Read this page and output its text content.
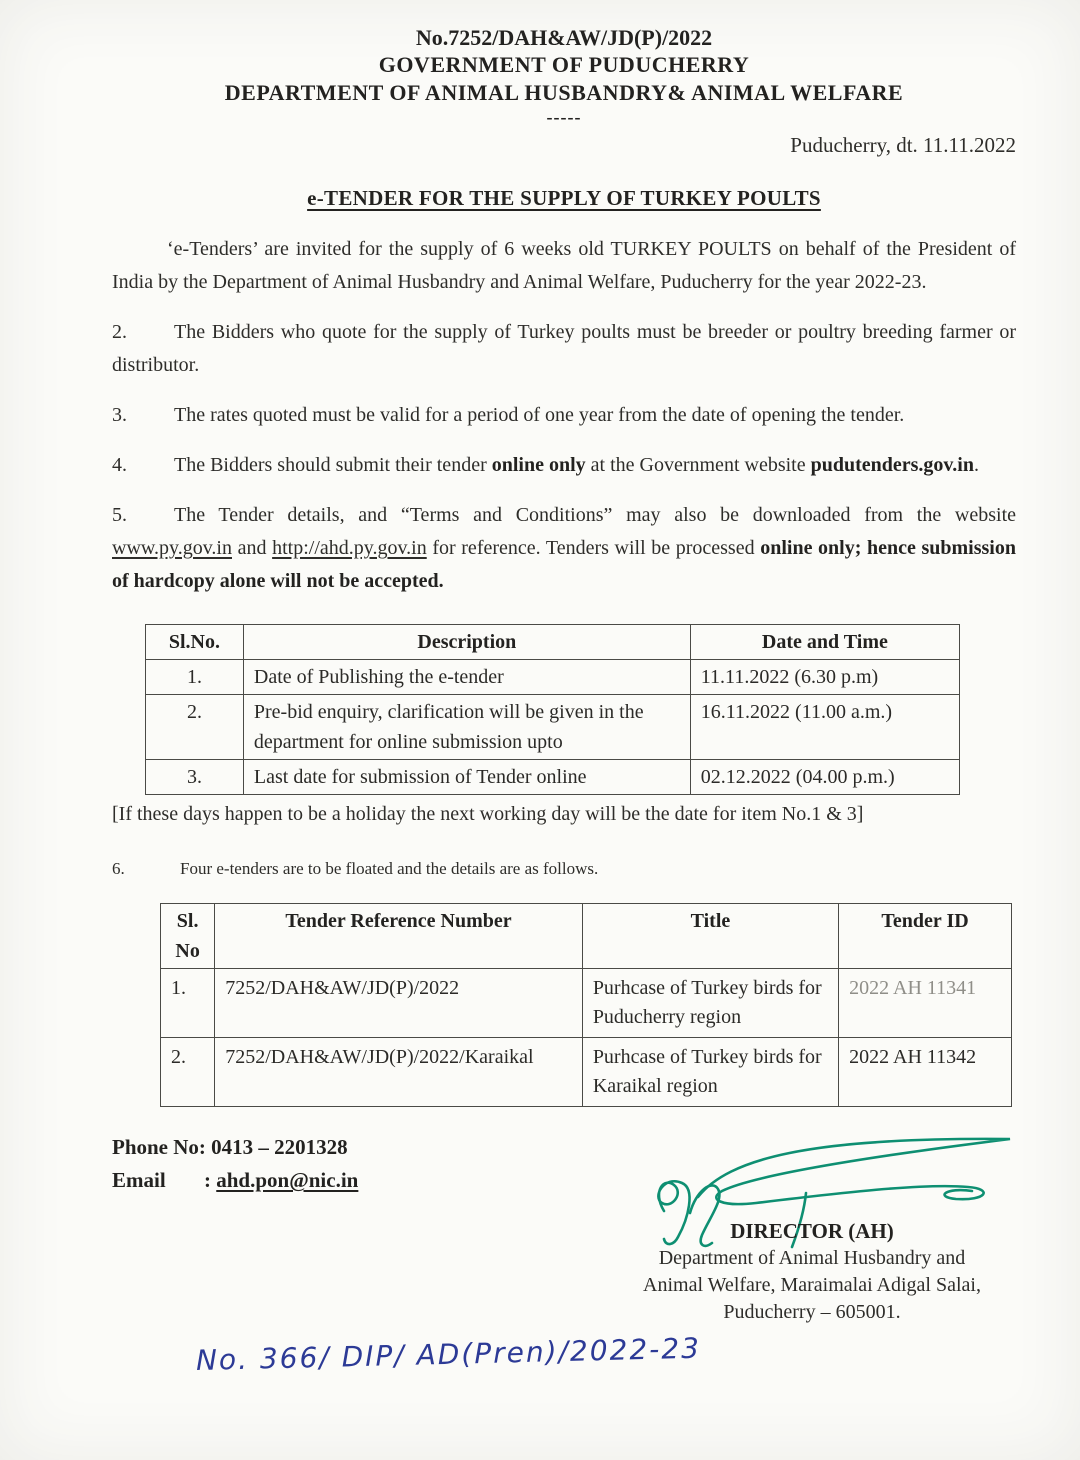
No.7252/DAH&AW/JD(P)/2022
GOVERNMENT OF PUDUCHERRY
DEPARTMENT OF ANIMAL HUSBANDRY& ANIMAL WELFARE
-----
Puducherry, dt. 11.11.2022
e-TENDER FOR THE SUPPLY OF TURKEY POULTS
‘e-Tenders’ are invited for the supply of 6 weeks old TURKEY POULTS on behalf of the President of India by the Department of Animal Husbandry and Animal Welfare, Puducherry for the year 2022-23.
2. The Bidders who quote for the supply of Turkey poults must be breeder or poultry breeding farmer or distributor.
3. The rates quoted must be valid for a period of one year from the date of opening the tender.
4. The Bidders should submit their tender online only at the Government website pudutenders.gov.in.
5. The Tender details, and “Terms and Conditions” may also be downloaded from the website www.py.gov.in and http://ahd.py.gov.in for reference. Tenders will be processed online only; hence submission of hardcopy alone will not be accepted.
Sl.No.	Description	Date and Time
1.	Date of Publishing the e-tender	11.11.2022 (6.30 p.m)
2.	Pre-bid enquiry, clarification will be given in the department for online submission upto	16.11.2022 (11.00 a.m.)
3.	Last date for submission of Tender online	02.12.2022 (04.00 p.m.)
[If these days happen to be a holiday the next working day will be the date for item No.1 & 3]
6.	Four e-tenders are to be floated and the details are as follows.
Sl. No	Tender Reference Number	Title	Tender ID
1.	7252/DAH&AW/JD(P)/2022	Purhcase of Turkey birds for Puducherry region	2022 AH 11341
2.	7252/DAH&AW/JD(P)/2022/Karaikal	Purhcase of Turkey birds for Karaikal region	2022 AH 11342
Phone No: 0413 – 2201328
Email : ahd.pon@nic.in
DIRECTOR (AH)
Department of Animal Husbandry and
Animal Welfare, Maraimalai Adigal Salai,
Puducherry – 605001.
No. 366/ DIP/ AD(Pren)/2022-23
